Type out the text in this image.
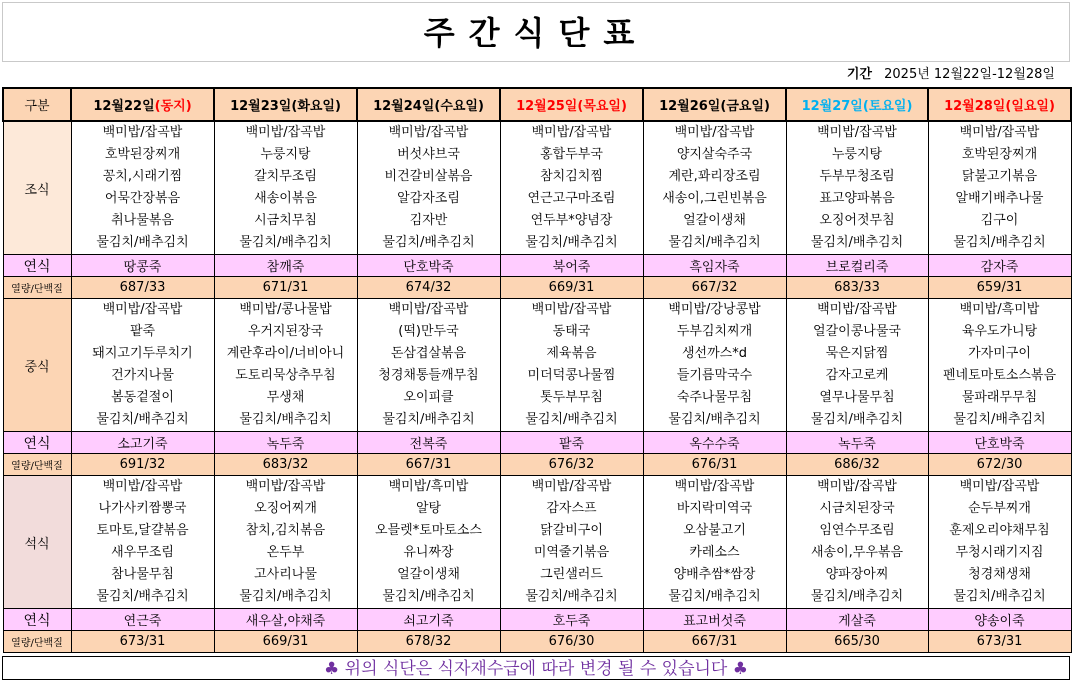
주간식단표
기간 2025년 12월22일-12월28일
구분	12월22일(동지)	12월23일(화요일)	12월24일(수요일)	12월25일(목요일)	12월26일(금요일)	12월27일(토요일)	12월28일(일요일)
조식	백미밥/잡곡밥	백미밥/잡곡밥	백미밥/잡곡밥	백미밥/잡곡밥	백미밥/잡곡밥	백미밥/잡곡밥	백미밥/잡곡밥
	호박된장찌개	누룽지탕	버섯샤브국	홍합두부국	양지살숙주국	누룽지탕	호박된장찌개
	꽁치,시래기찜	갈치무조림	비건갈비살볶음	참치김치찜	계란,꽈리장조림	두부무청조림	닭불고기볶음
	어묵간장볶음	새송이볶음	알감자조림	연근고구마조림	새송이,그린빈볶음	표고양파볶음	알배기배추나물
	취나물볶음	시금치무침	김자반	연두부*양념장	얼갈이생채	오징어젓무침	김구이
	물김치/배추김치	물김치/배추김치	물김치/배추김치	물김치/배추김치	물김치/배추김치	물김치/배추김치	물김치/배추김치
연식	땅콩죽	참깨죽	단호박죽	북어죽	흑임자죽	브로컬리죽	감자죽
열량/단백질	687/33	671/31	674/32	669/31	667/32	683/33	659/31
중식	백미밥/잡곡밥	백미밥/콩나물밥	백미밥/잡곡밥	백미밥/잡곡밥	백미밥/강낭콩밥	백미밥/잡곡밥	백미밥/흑미밥
	팥죽	우거지된장국	(떡)만두국	동태국	두부김치찌개	얼갈이콩나물국	육우도가니탕
	돼지고기두루치기	계란후라이/너비아니	돈삼겹살볶음	제육볶음	생선까스*d	묵은지닭찜	가자미구이
	건가지나물	도토리묵상추무침	청경채통들깨무침	미더덕콩나물찜	들기름막국수	감자고로케	펜네토마토소스볶음
	봄동겉절이	무생채	오이피클	톳두부무침	숙주나물무침	열무나물무침	물파래무무침
	물김치/배추김치	물김치/배추김치	물김치/배추김치	물김치/배추김치	물김치/배추김치	물김치/배추김치	물김치/배추김치
연식	소고기죽	녹두죽	전복죽	팥죽	옥수수죽	녹두죽	단호박죽
열량/단백질	691/32	683/32	667/31	676/32	676/31	686/32	672/30
석식	백미밥/잡곡밥	백미밥/잡곡밥	백미밥/흑미밥	백미밥/잡곡밥	백미밥/잡곡밥	백미밥/잡곡밥	백미밥/잡곡밥
	나가사키짬뽕국	오징어찌개	알탕	감자스프	바지락미역국	시금치된장국	순두부찌개
	토마토,달걀볶음	참치,김치볶음	오믈렛*토마토소스	닭갈비구이	오삼불고기	임연수무조림	훈제오리야채무침
	새우무조림	온두부	유니짜장	미역줄기볶음	카레소스	새송이,무우볶음	무청시래기지짐
	참나물무침	고사리나물	얼갈이생채	그린샐러드	양배추쌈*쌈장	양파장아찌	청경채생채
	물김치/배추김치	물김치/배추김치	물김치/배추김치	물김치/배추김치	물김치/배추김치	물김치/배추김치	물김치/배추김치
연식	연근죽	새우살,야채죽	쇠고기죽	호두죽	표고버섯죽	게살죽	양송이죽
열량/단백질	673/31	669/31	678/32	676/30	667/31	665/30	673/31
♣ 위의 식단은 식자재수급에 따라 변경 될 수 있습니다 ♣
